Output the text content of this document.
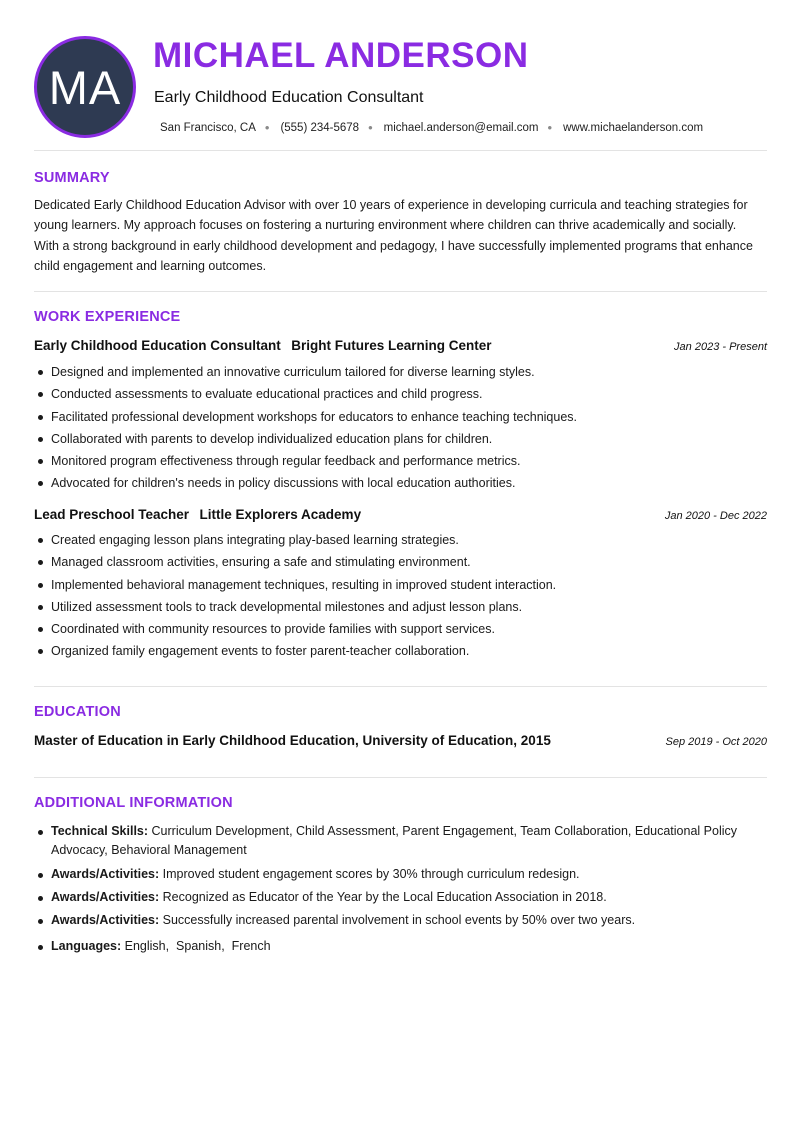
MA
MICHAEL ANDERSON
Early Childhood Education Consultant
San Francisco, CA • (555) 234-5678 • michael.anderson@email.com • www.michaelanderson.com
SUMMARY
Dedicated Early Childhood Education Advisor with over 10 years of experience in developing curricula and teaching strategies for young learners. My approach focuses on fostering a nurturing environment where children can thrive academically and socially. With a strong background in early childhood development and pedagogy, I have successfully implemented programs that enhance child engagement and learning outcomes.
WORK EXPERIENCE
Early Childhood Education Consultant Bright Futures Learning Center	Jan 2023 - Present
Designed and implemented an innovative curriculum tailored for diverse learning styles.
Conducted assessments to evaluate educational practices and child progress.
Facilitated professional development workshops for educators to enhance teaching techniques.
Collaborated with parents to develop individualized education plans for children.
Monitored program effectiveness through regular feedback and performance metrics.
Advocated for children's needs in policy discussions with local education authorities.
Lead Preschool Teacher Little Explorers Academy	Jan 2020 - Dec 2022
Created engaging lesson plans integrating play-based learning strategies.
Managed classroom activities, ensuring a safe and stimulating environment.
Implemented behavioral management techniques, resulting in improved student interaction.
Utilized assessment tools to track developmental milestones and adjust lesson plans.
Coordinated with community resources to provide families with support services.
Organized family engagement events to foster parent-teacher collaboration.
EDUCATION
Master of Education in Early Childhood Education, University of Education, 2015	Sep 2019 - Oct 2020
ADDITIONAL INFORMATION
Technical Skills: Curriculum Development, Child Assessment, Parent Engagement, Team Collaboration, Educational Policy Advocacy, Behavioral Management
Awards/Activities: Improved student engagement scores by 30% through curriculum redesign.
Awards/Activities: Recognized as Educator of the Year by the Local Education Association in 2018.
Awards/Activities: Successfully increased parental involvement in school events by 50% over two years.
Languages: English,  Spanish,  French
